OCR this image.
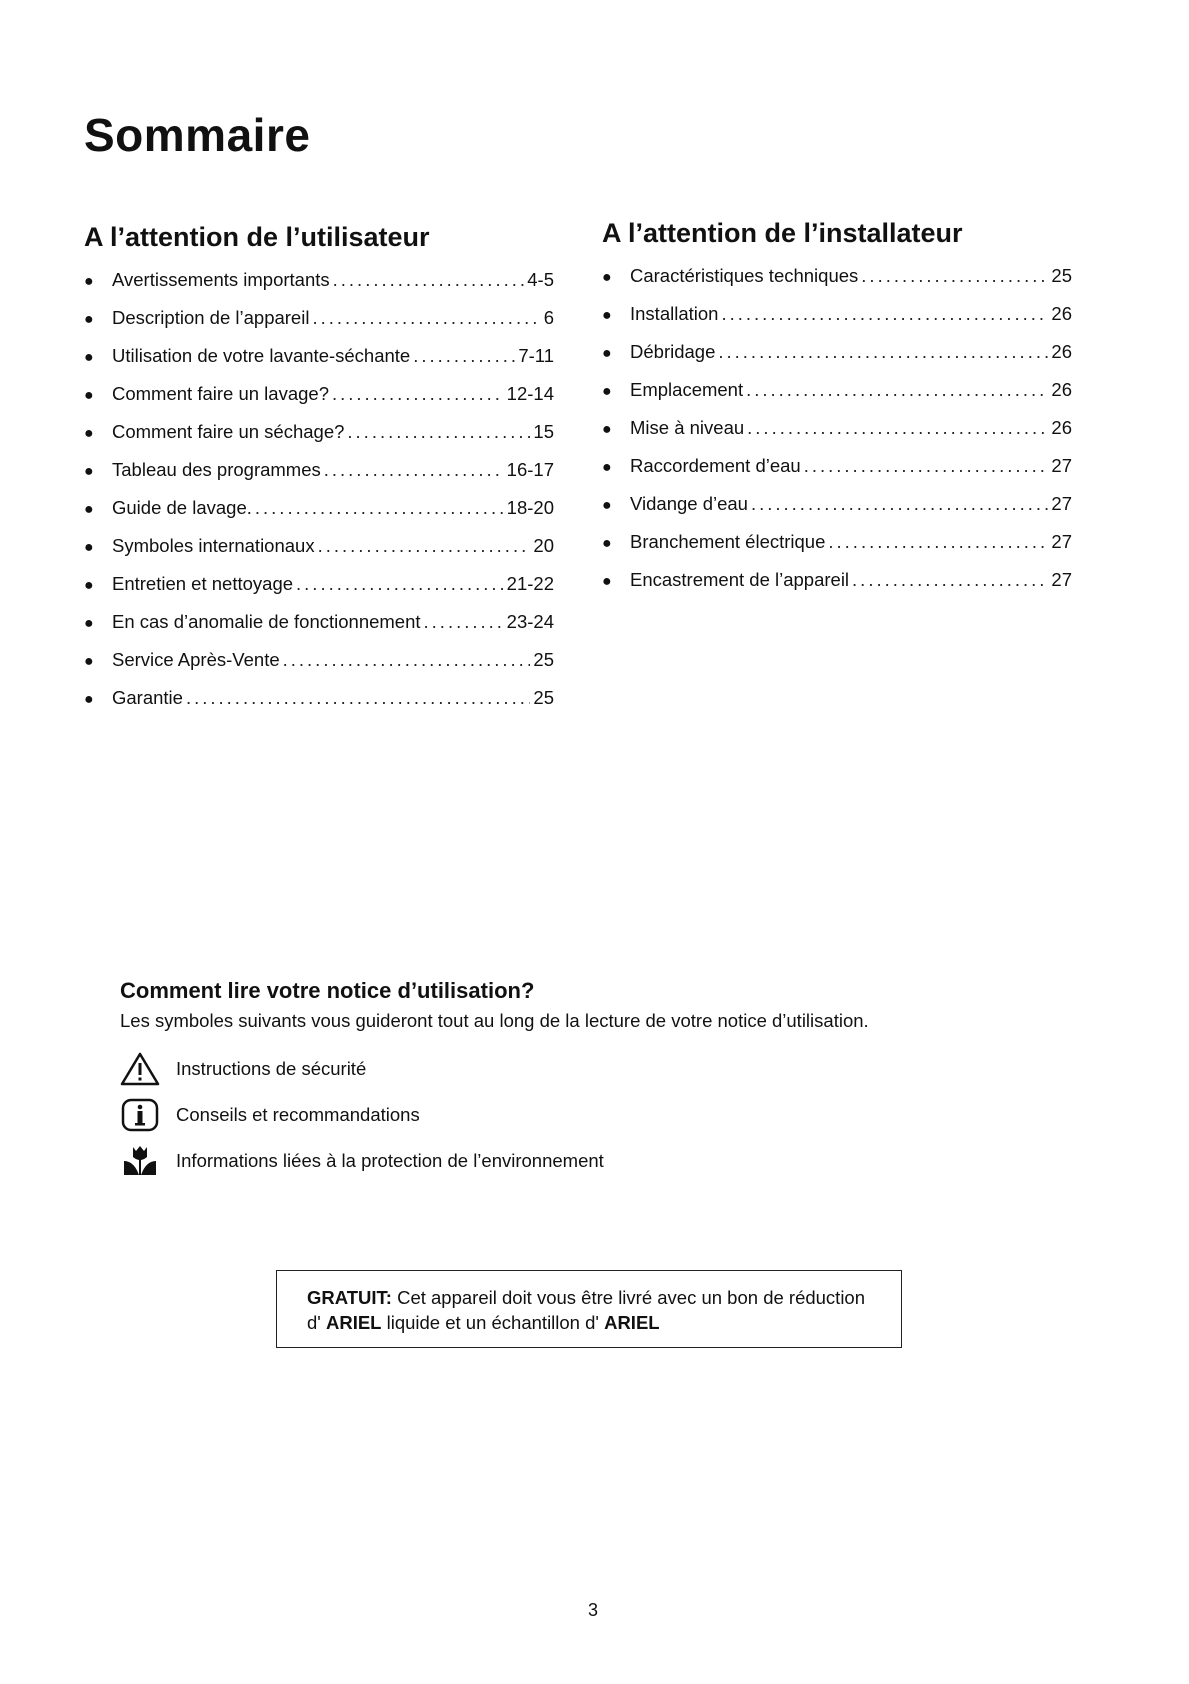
Sommaire
A l’attention de l’utilisateur
● Avertissements importants .....	4-5
● Description de l’appareil .....	6
● Utilisation de votre lavante-séchante .....	7-11
● Comment faire un lavage? .....	12-14
● Comment faire un séchage? .....	15
● Tableau des programmes .....	16-17
● Guide de lavage. .....	18-20
● Symboles internationaux .....	20
● Entretien et nettoyage .....	21-22
● En cas d’anomalie de fonctionnement .....	23-24
● Service Après-Vente .....	25
● Garantie .....	25
A l’attention de l’installateur
● Caractéristiques techniques .....	25
● Installation .....	26
● Débridage .....	26
● Emplacement .....	26
● Mise à niveau .....	26
● Raccordement d’eau .....	27
● Vidange d’eau .....	27
● Branchement électrique .....	27
● Encastrement de l’appareil .....	27
Comment lire votre notice d’utilisation?

Les symboles suivants vous guideront tout au long de la lecture de votre notice d’utilisation.

Instructions de sécurité
Conseils et recommandations
Informations liées à la protection de l’environnement
GRATUIT: Cet appareil doit vous être livré avec un bon de réduction d' ARIEL liquide et un échantillon d' ARIEL
3
